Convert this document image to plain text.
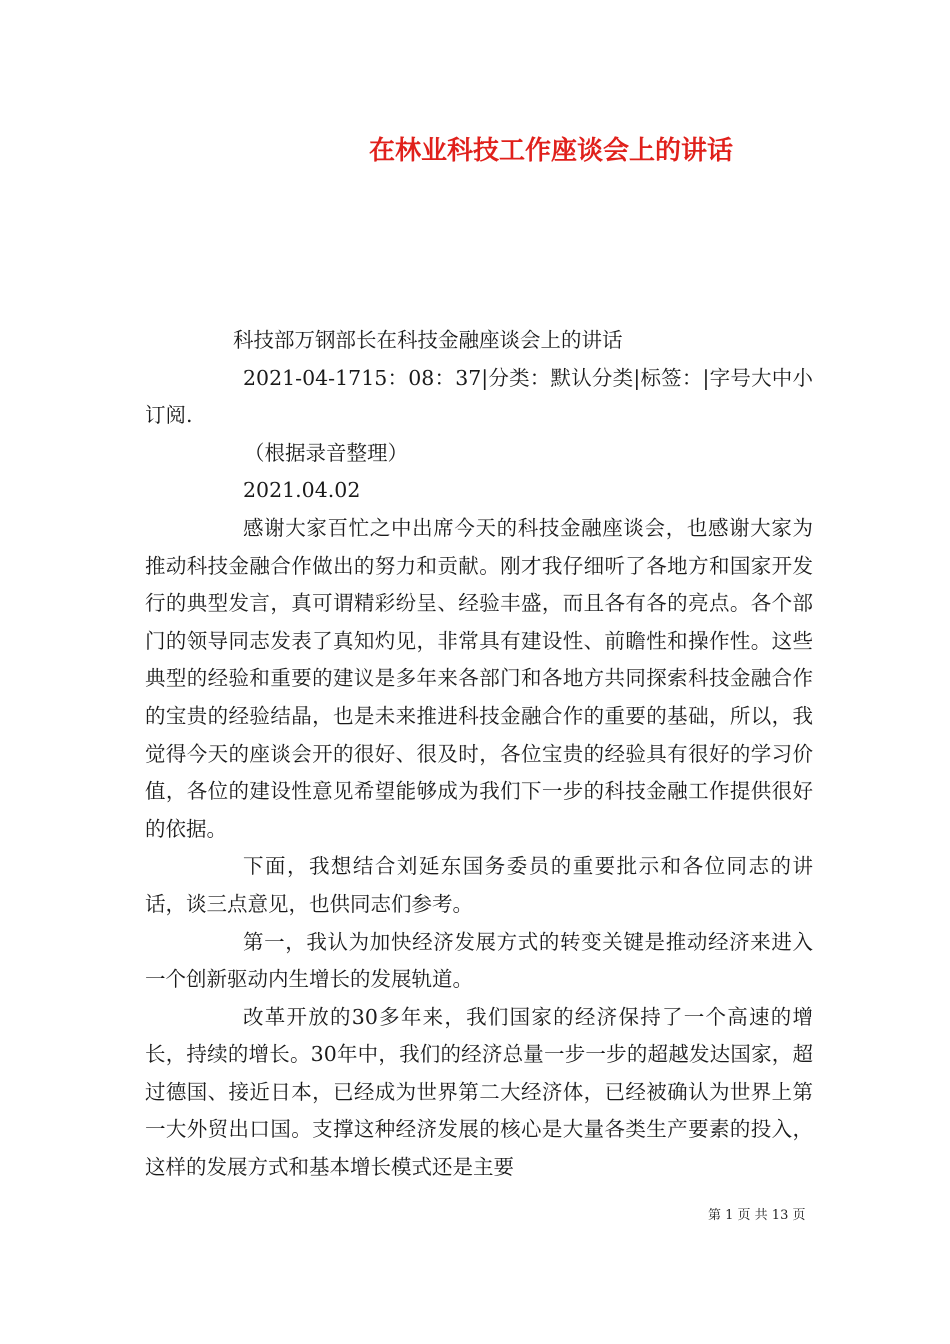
在林业科技工作座谈会上的讲话

科技部万钢部长在科技金融座谈会上的讲话

2021-04-1715：08：37|分类：默认分类|标签：|字号大中小订阅.

（根据录音整理）

2021.04.02

感谢大家百忙之中出席今天的科技金融座谈会，也感谢大家为推动科技金融合作做出的努力和贡献。刚才我仔细听了各地方和国家开发行的典型发言，真可谓精彩纷呈、经验丰盛，而且各有各的亮点。各个部门的领导同志发表了真知灼见，非常具有建设性、前瞻性和操作性。这些典型的经验和重要的建议是多年来各部门和各地方共同探索科技金融合作的宝贵的经验结晶，也是未来推进科技金融合作的重要的基础，所以，我觉得今天的座谈会开的很好、很及时，各位宝贵的经验具有很好的学习价值，各位的建设性意见希望能够成为我们下一步的科技金融工作提供很好的依据。

下面，我想结合刘延东国务委员的重要批示和各位同志的讲话，谈三点意见，也供同志们参考。

第一，我认为加快经济发展方式的转变关键是推动经济来进入一个创新驱动内生增长的发展轨道。

改革开放的30多年来，我们国家的经济保持了一个高速的增长，持续的增长。30年中，我们的经济总量一步一步的超越发达国家，超过德国、接近日本，已经成为世界第二大经济体，已经被确认为世界上第一大外贸出口国。支撑这种经济发展的核心是大量各类生产要素的投入，这样的发展方式和基本增长模式还是主要

第 1 页 共 13 页
